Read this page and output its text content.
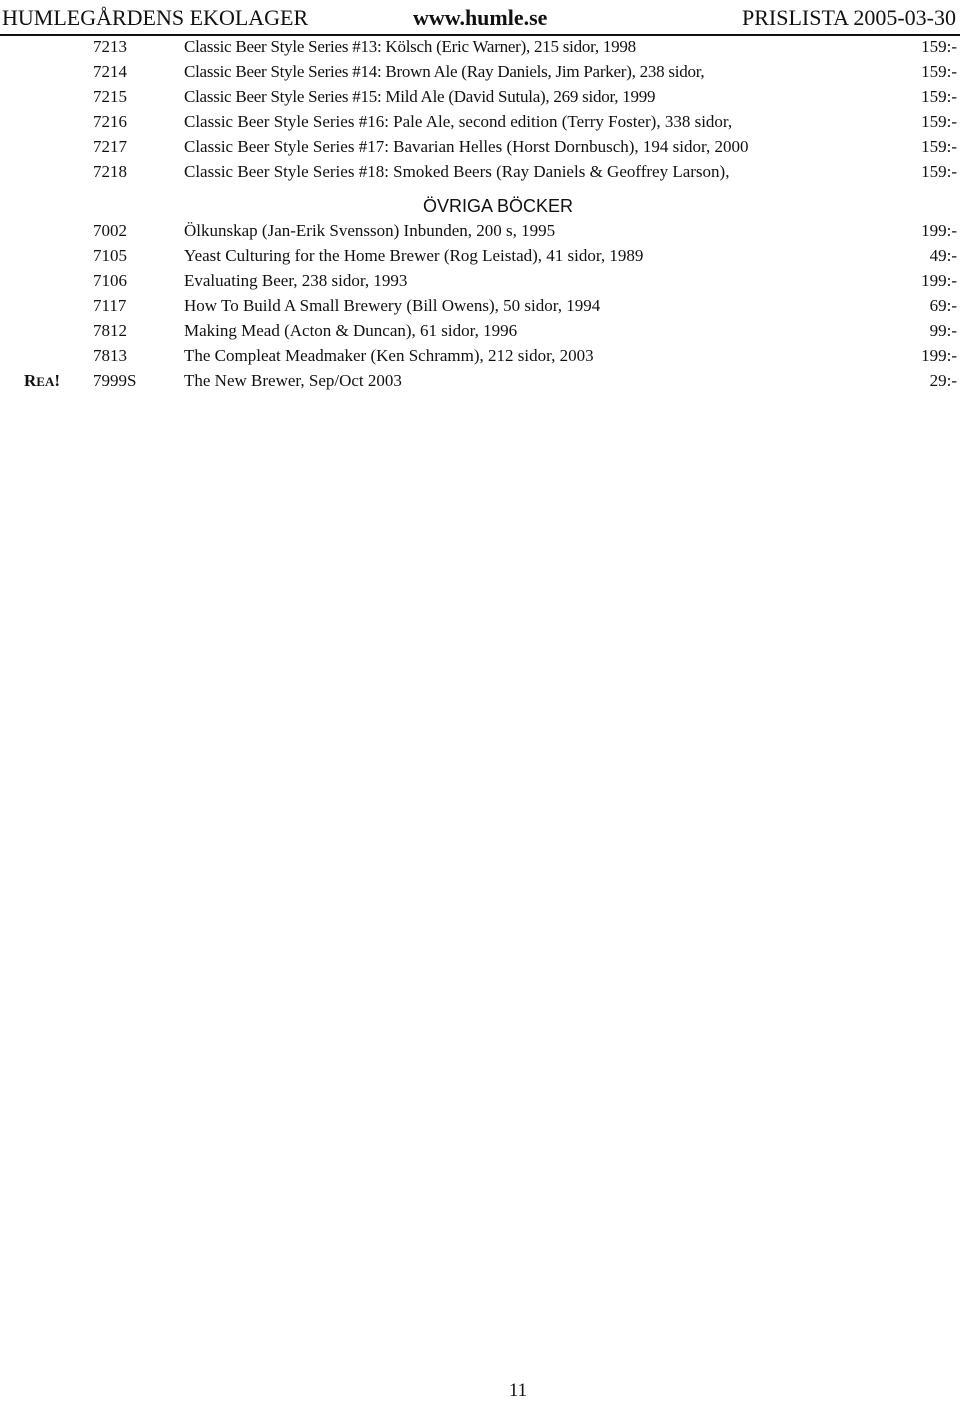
HUMLEGÅRDENS EKOLAGER	www.humle.se	PRISLISTA 2005-03-30
7213	Classic Beer Style Series #13: Kölsch (Eric Warner), 215 sidor, 1998	159:-
7214	Classic Beer Style Series #14: Brown Ale (Ray Daniels, Jim Parker), 238 sidor,	159:-
7215	Classic Beer Style Series #15: Mild Ale (David Sutula), 269 sidor, 1999	159:-
7216	Classic Beer Style Series #16: Pale Ale, second edition (Terry Foster), 338 sidor,	159:-
7217	Classic Beer Style Series #17: Bavarian Helles (Horst Dornbusch), 194 sidor, 2000	159:-
7218	Classic Beer Style Series #18: Smoked Beers (Ray Daniels & Geoffrey Larson),	159:-
ÖVRIGA BÖCKER
7002	Ölkunskap (Jan-Erik Svensson) Inbunden, 200 s, 1995	199:-
7105	Yeast Culturing for the Home Brewer (Rog Leistad), 41 sidor, 1989	49:-
7106	Evaluating Beer, 238 sidor, 1993	199:-
7117	How To Build A Small Brewery (Bill Owens), 50 sidor, 1994	69:-
7812	Making Mead (Acton & Duncan), 61 sidor, 1996	99:-
7813	The Compleat Meadmaker (Ken Schramm), 212 sidor, 2003	199:-
REA! 7999S	The New Brewer, Sep/Oct 2003	29:-
11
